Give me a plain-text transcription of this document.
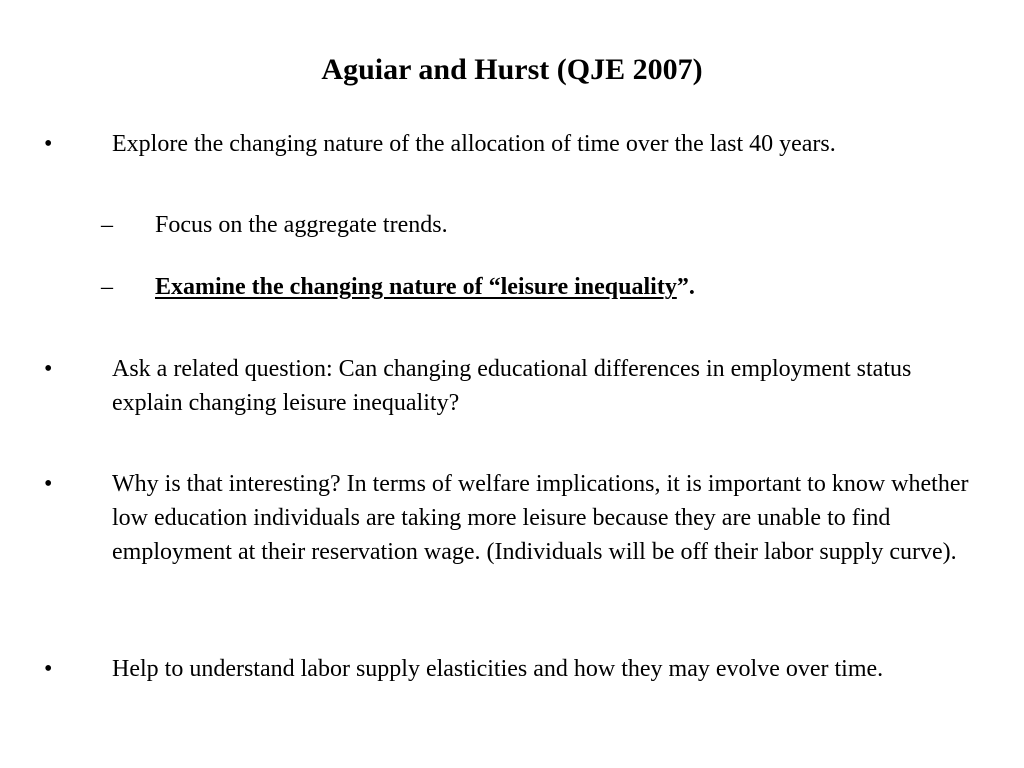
Aguiar and Hurst (QJE 2007)
• Explore the changing nature of the allocation of time over the last 40 years.
– Focus on the aggregate trends.
– Examine the changing nature of “leisure inequality”.
• Ask a related question: Can changing educational differences in employment status explain changing leisure inequality?
• Why is that interesting? In terms of welfare implications, it is important to know whether low education individuals are taking more leisure because they are unable to find employment at their reservation wage. (Individuals will be off their labor supply curve).
• Help to understand labor supply elasticities and how they may evolve over time.
